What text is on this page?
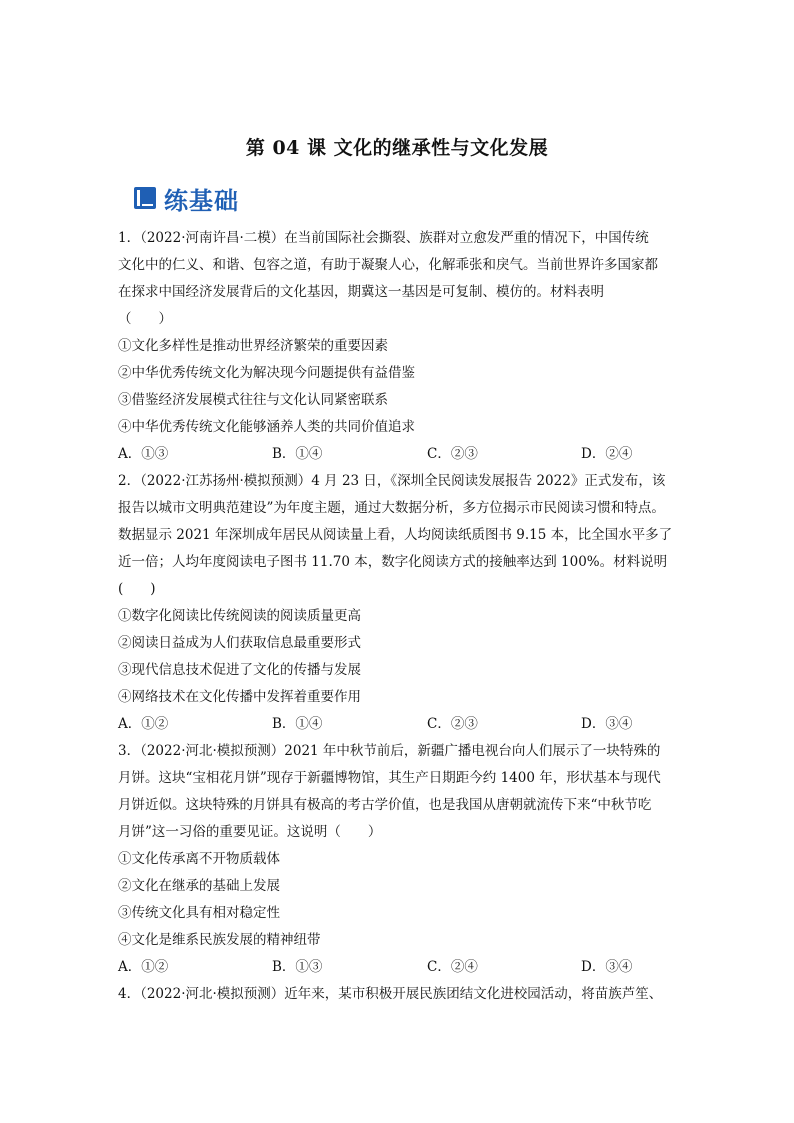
第 04 课 文化的继承性与文化发展
练基础
1．（2022·河南许昌·二模）在当前国际社会撕裂、族群对立愈发严重的情况下，中国传统
文化中的仁义、和谐、包容之道，有助于凝聚人心，化解乖张和戾气。当前世界许多国家都
在探求中国经济发展背后的文化基因，期冀这一基因是可复制、模仿的。材料表明
（　　）
①文化多样性是推动世界经济繁荣的重要因素
②中华优秀传统文化为解决现今问题提供有益借鉴
③借鉴经济发展模式往往与文化认同紧密联系
④中华优秀传统文化能够涵养人类的共同价值追求
A．①③	B．①④	C．②③	D．②④
2．（2022·江苏扬州·模拟预测）4 月 23 日，《深圳全民阅读发展报告 2022》正式发布，该
报告以城市文明典范建设”为年度主题，通过大数据分析，多方位揭示市民阅读习惯和特点。
数据显示 2021 年深圳成年居民从阅读量上看，人均阅读纸质图书 9.15 本，比全国水平多了
近一倍；人均年度阅读电子图书 11.70 本，数字化阅读方式的接触率达到 100%。材料说明
(　　)
①数字化阅读比传统阅读的阅读质量更高
②阅读日益成为人们获取信息最重要形式
③现代信息技术促进了文化的传播与发展
④网络技术在文化传播中发挥着重要作用
A．①②	B．①④	C．②③	D．③④
3．（2022·河北·模拟预测）2021 年中秋节前后，新疆广播电视台向人们展示了一块特殊的
月饼。这块“宝相花月饼”现存于新疆博物馆，其生产日期距今约 1400 年，形状基本与现代
月饼近似。这块特殊的月饼具有极高的考古学价值，也是我国从唐朝就流传下来“中秋节吃
月饼”这一习俗的重要见证。这说明（　　）
①文化传承离不开物质载体
②文化在继承的基础上发展
③传统文化具有相对稳定性
④文化是维系民族发展的精神纽带
A．①②	B．①③	C．②④	D．③④
4．（2022·河北·模拟预测）近年来，某市积极开展民族团结文化进校园活动，将苗族芦笙、
